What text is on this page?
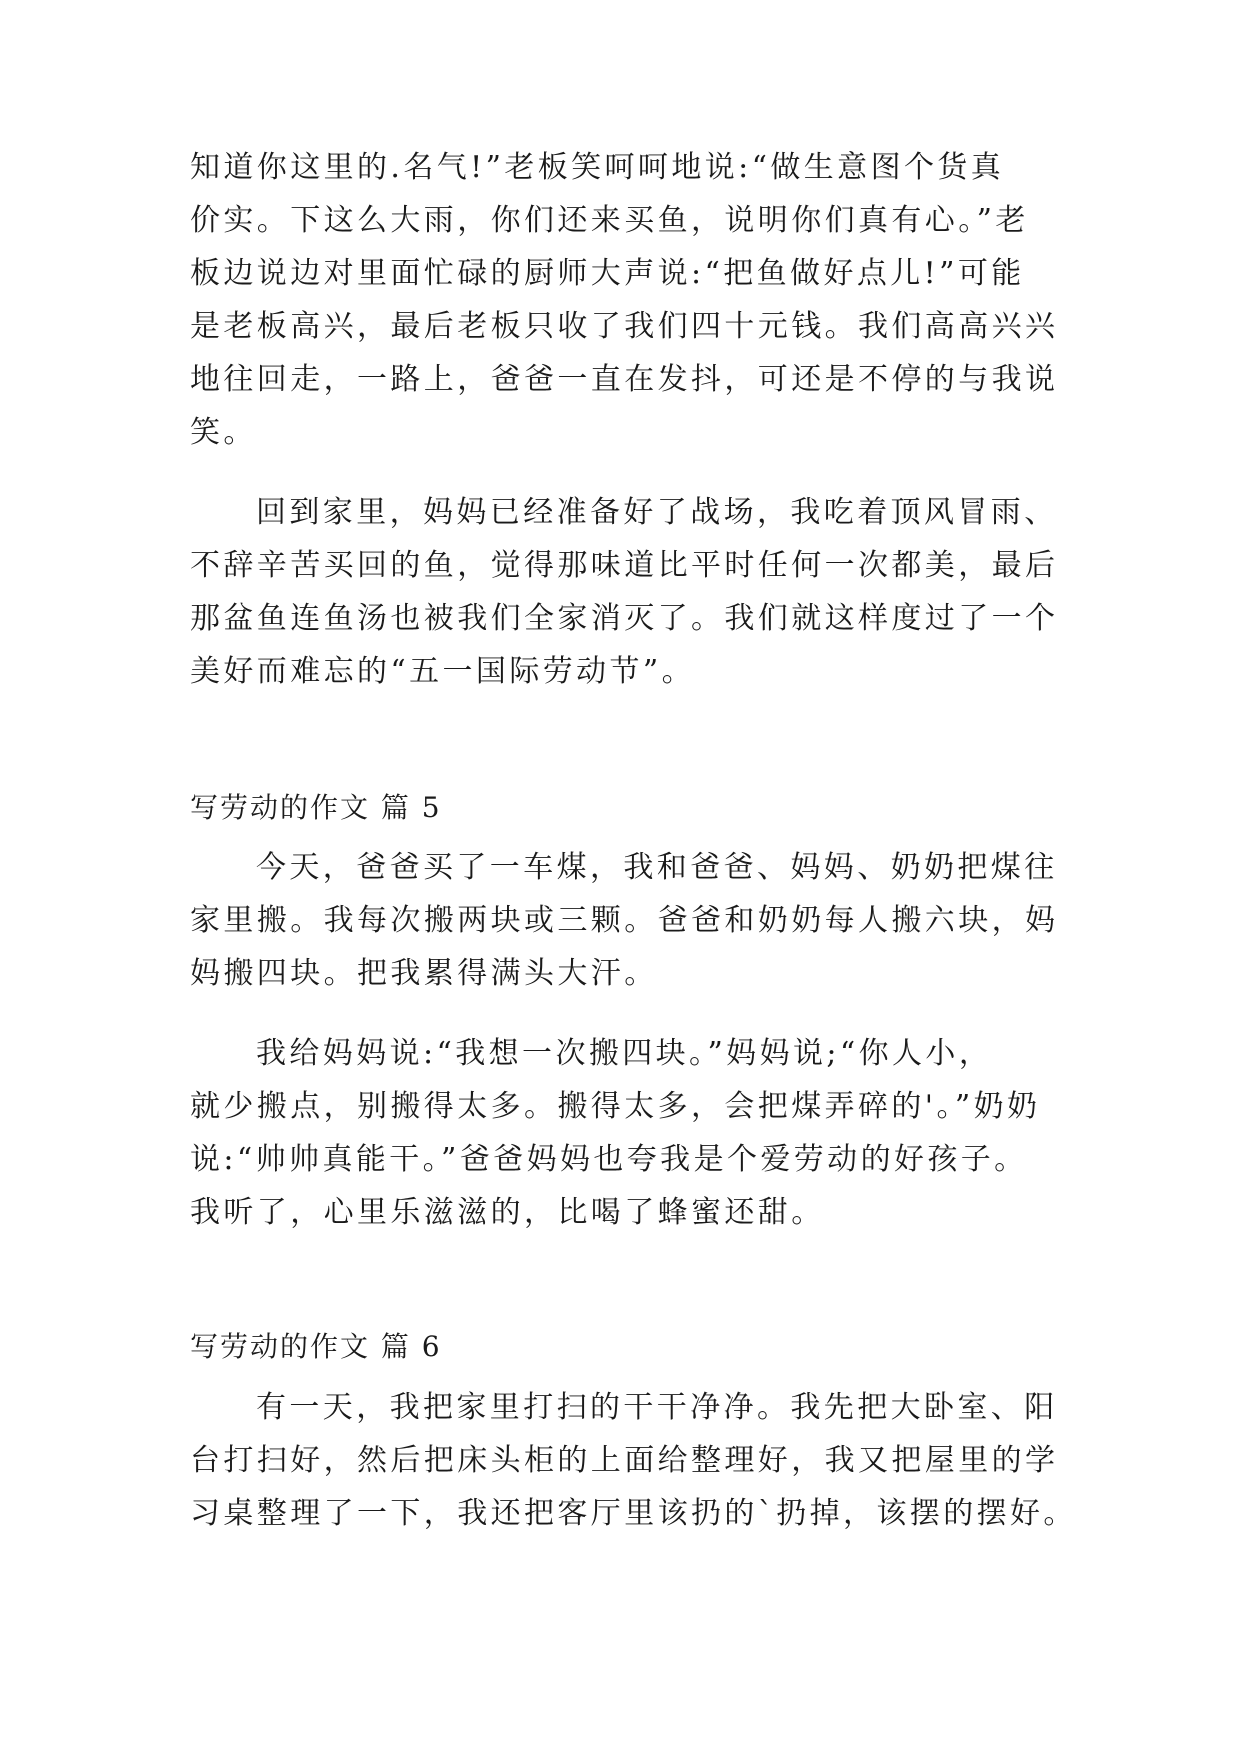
知道你这里的.名气!”老板笑呵呵地说:“做生意图个货真
价实。下这么大雨，你们还来买鱼，说明你们真有心。”老
板边说边对里面忙碌的厨师大声说:“把鱼做好点儿!”可能
是老板高兴，最后老板只收了我们四十元钱。我们高高兴兴
地往回走，一路上，爸爸一直在发抖，可还是不停的与我说
笑。
回到家里，妈妈已经准备好了战场，我吃着顶风冒雨、
不辞辛苦买回的鱼，觉得那味道比平时任何一次都美，最后
那盆鱼连鱼汤也被我们全家消灭了。我们就这样度过了一个
美好而难忘的“五一国际劳动节”。
写劳动的作文 篇 5
今天，爸爸买了一车煤，我和爸爸、妈妈、奶奶把煤往
家里搬。我每次搬两块或三颗。爸爸和奶奶每人搬六块，妈
妈搬四块。把我累得满头大汗。
我给妈妈说:“我想一次搬四块。”妈妈说;“你人小，
就少搬点，别搬得太多。搬得太多，会把煤弄碎的'。”奶奶
说:“帅帅真能干。”爸爸妈妈也夸我是个爱劳动的好孩子。
我听了，心里乐滋滋的，比喝了蜂蜜还甜。
写劳动的作文 篇 6
有一天，我把家里打扫的干干净净。我先把大卧室、阳
台打扫好，然后把床头柜的上面给整理好，我又把屋里的学
习桌整理了一下，我还把客厅里该扔的`扔掉，该摆的摆好。
